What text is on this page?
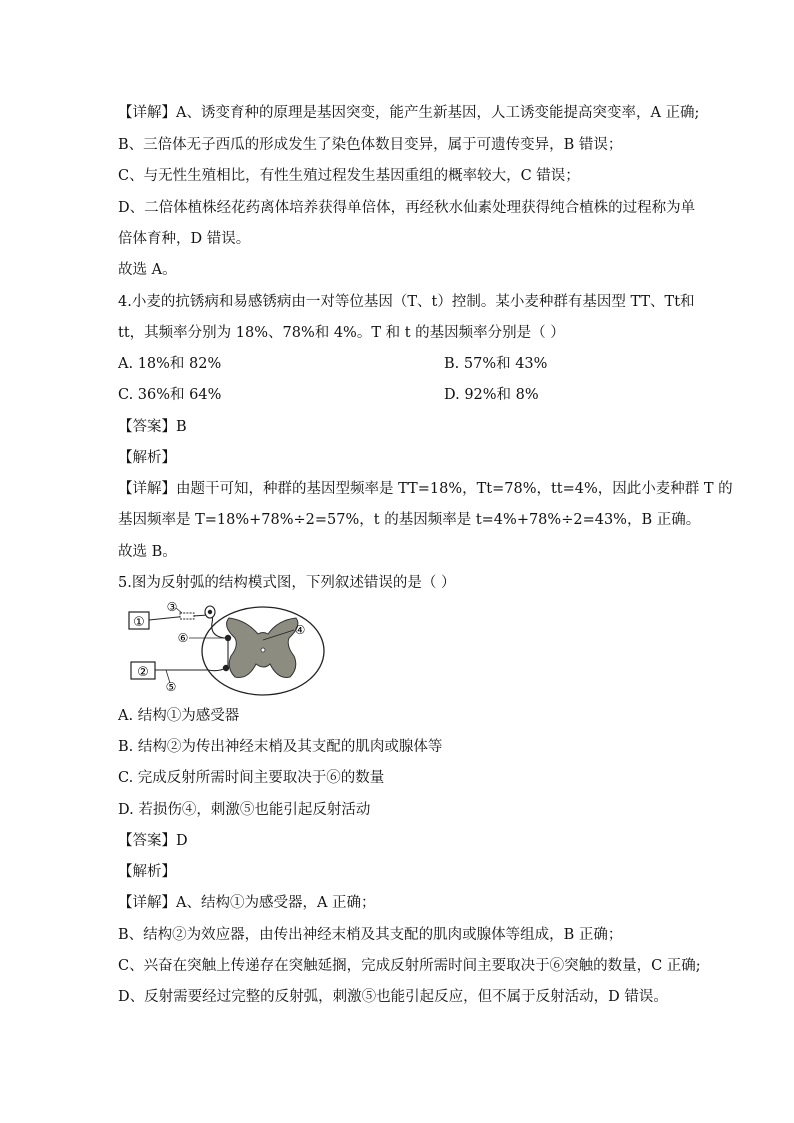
【详解】A、诱变育种的原理是基因突变，能产生新基因，人工诱变能提高突变率，A 正确;
B、三倍体无子西瓜的形成发生了染色体数目变异，属于可遗传变异，B 错误；
C、与无性生殖相比，有性生殖过程发生基因重组的概率较大，C 错误；
D、二倍体植株经花药离体培养获得单倍体，再经秋水仙素处理获得纯合植株的过程称为单
倍体育种，D 错误。
故选 A。
4.小麦的抗锈病和易感锈病由一对等位基因（T、t）控制。某小麦种群有基因型 TT、Tt和
tt，其频率分别为 18%、78%和 4%。T 和 t 的基因频率分别是（ ）
A. 18%和 82%	B. 57%和 43%
C. 36%和 64%	D. 92%和 8%
【答案】B
【解析】
【详解】由题干可知，种群的基因型频率是 TT=18%，Tt=78%，tt=4%，因此小麦种群 T 的
基因频率是 T=18%+78%÷2=57%，t 的基因频率是 t=4%+78%÷2=43%，B 正确。
故选 B。
5.图为反射弧的结构模式图，下列叙述错误的是（ ）
①
②
③
⑥
④
⑤
A. 结构①为感受器
B. 结构②为传出神经末梢及其支配的肌肉或腺体等
C. 完成反射所需时间主要取决于⑥的数量
D. 若损伤④，刺激⑤也能引起反射活动
【答案】D
【解析】
【详解】A、结构①为感受器，A 正确；
B、结构②为效应器，由传出神经末梢及其支配的肌肉或腺体等组成，B 正确；
C、兴奋在突触上传递存在突触延搁，完成反射所需时间主要取决于⑥突触的数量，C 正确;
D、反射需要经过完整的反射弧，刺激⑤也能引起反应，但不属于反射活动，D 错误。
